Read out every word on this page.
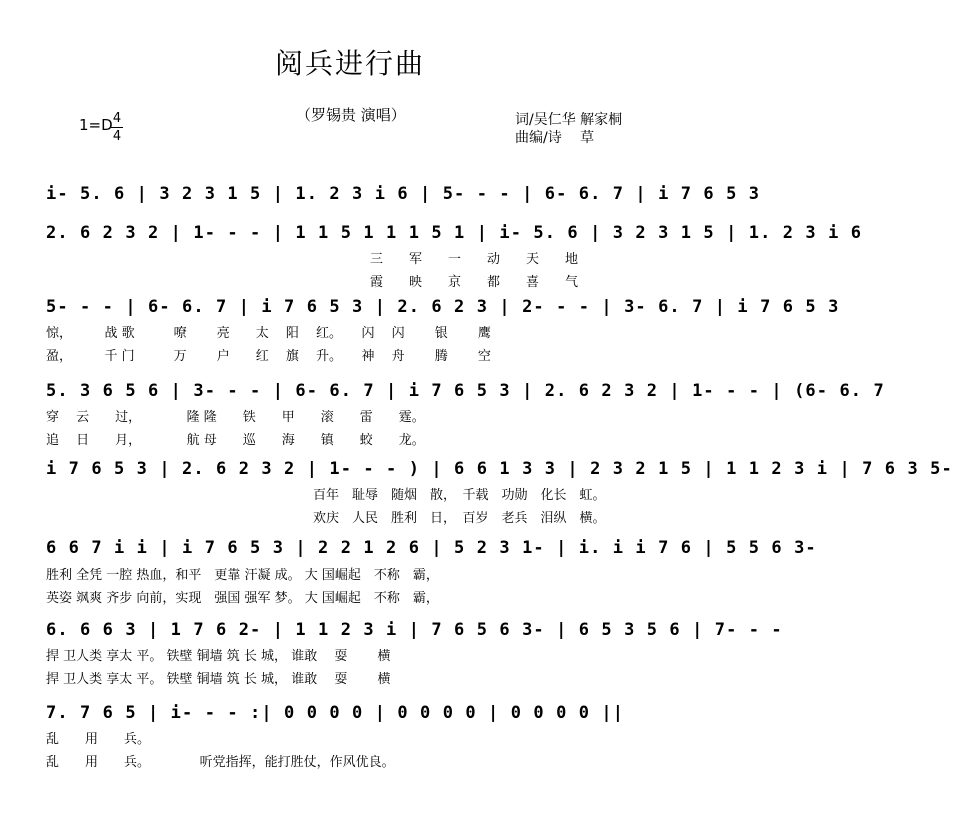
阅兵进行曲
（罗锡贵 演唱）
1=D 4
4
词/吴仁华 解家桐
曲编/诗　 草
i- 5. 6 | 3 2 3 1 5 | 1. 2 3 i 6 | 5- - - | 6- 6. 7 | i 7 6 5 3
2. 6 2 3 2 | 1- - - | 1 1 5 1 1 1 5 1 | i- 5. 6 | 3 2 3 1 5 | 1. 2 3 i 6
三　　军　　一　　动　　天　　地
霞　　映　　京　　都　　喜　　气
5- - - | 6- 6. 7 | i 7 6 5 3 | 2. 6 2 3 | 2- - - | 3- 6. 7 | i 7 6 5 3
惊，　　　战 歌　　　嘹　　 亮　　太　 阳　 红。　　闪　 闪　　 银　　 鹰
盈，　　　千 门　　　万　　 户　　红　 旗　 升。　　神　 舟　　 腾　　 空
5. 3 6 5 6 | 3- - - | 6- 6. 7 | i 7 6 5 3 | 2. 6 2 3 2 | 1- - - | (6- 6. 7
穿　 云　　过，　　　　隆 隆　　铁　　甲　　滚　　雷　　霆。
追　 日　　月，　　　　航 母　　巡　　海　　镇　　蛟　　龙。
i 7 6 5 3 | 2. 6 2 3 2 | 1- - - ) | 6 6 1 3 3 | 2 3 2 1 5 | 1 1 2 3 i | 7 6 3 5-
百年　耻辱　随烟　散，　千载　功勋　化长　虹。
欢庆　人民　胜利　日，　百岁　老兵　泪纵　横。
6 6 7 i i | i 7 6 5 3 | 2 2 1 2 6 | 5 2 3 1- | i. i i 7 6 | 5 5 6 3-
胜利 全凭 一腔 热血，和平　更靠 汗凝 成。 大 国崛起　不称　霸，
英姿 飒爽 齐步 向前，实现　强国 强军 梦。 大 国崛起　不称　霸，
6. 6 6 3 | 1 7 6 2- | 1 1 2 3 i | 7 6 5 6 3- | 6 5 3 5 6 | 7- - -
捍 卫人类 享太 平。 铁壁 铜墙 筑 长 城， 谁敢　 耍　　 横
捍 卫人类 享太 平。 铁壁 铜墙 筑 长 城， 谁敢　 耍　　 横
7. 7 6 5 | i- - - :| 0 0 0 0 | 0 0 0 0 | 0 0 0 0 ||
乱　　用　　兵。
乱　　用　　兵。　　　　 听党指挥，能打胜仗，作风优良。
